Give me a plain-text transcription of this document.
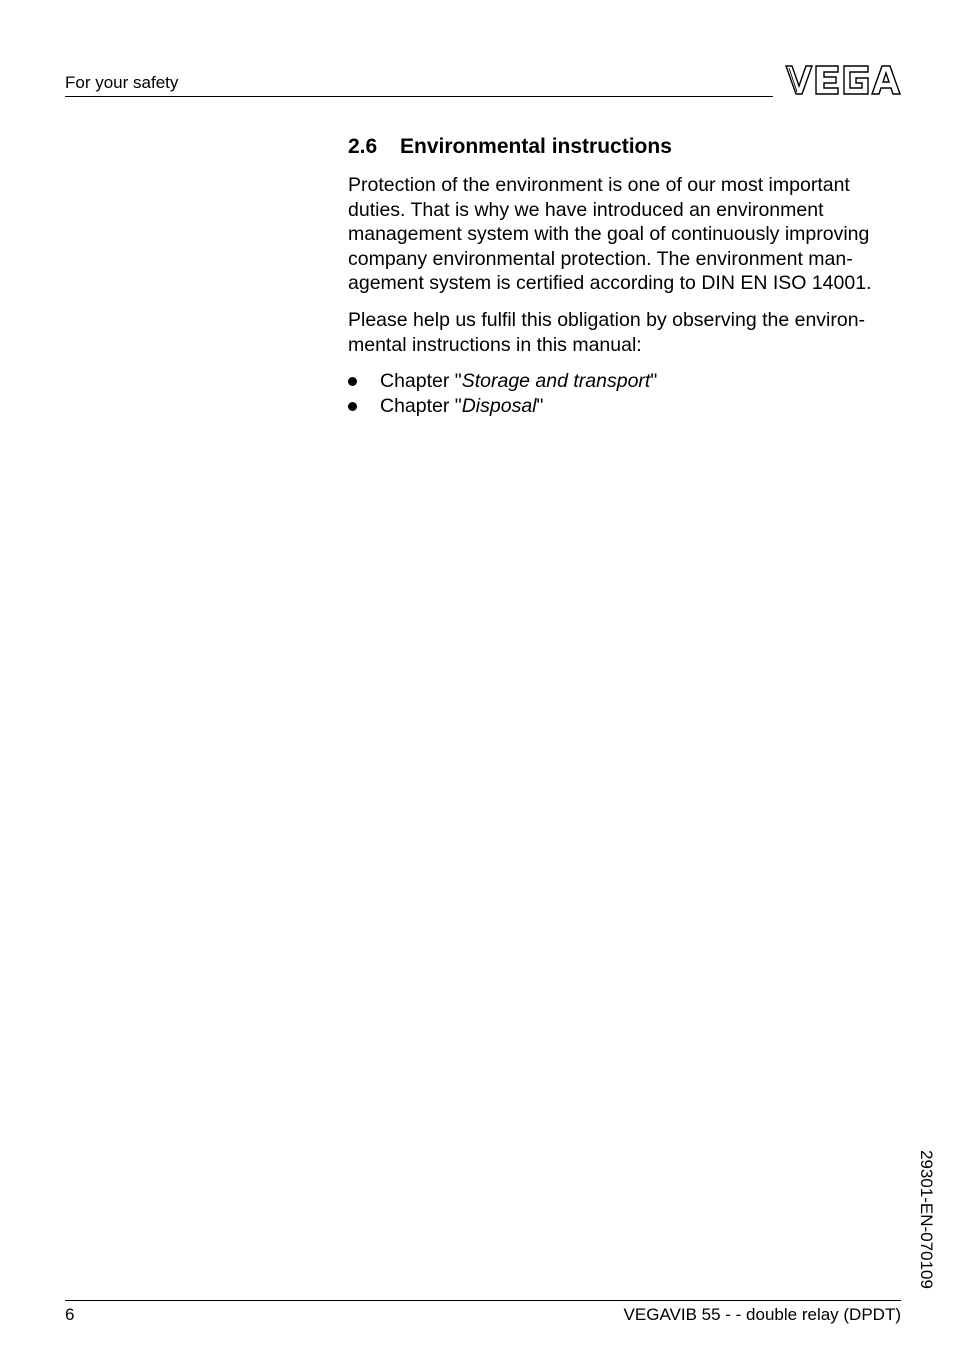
For your safety
2.6 Environmental instructions

Protection of the environment is one of our most important
duties. That is why we have introduced an environment
management system with the goal of continuously improving
company environmental protection. The environment man-
agement system is certified according to DIN EN ISO 14001.

Please help us fulfil this obligation by observing the environ-
mental instructions in this manual:

Chapter "Storage and transport"
Chapter "Disposal"
29301-EN-070109
6	VEGAVIB 55 - - double relay (DPDT)
